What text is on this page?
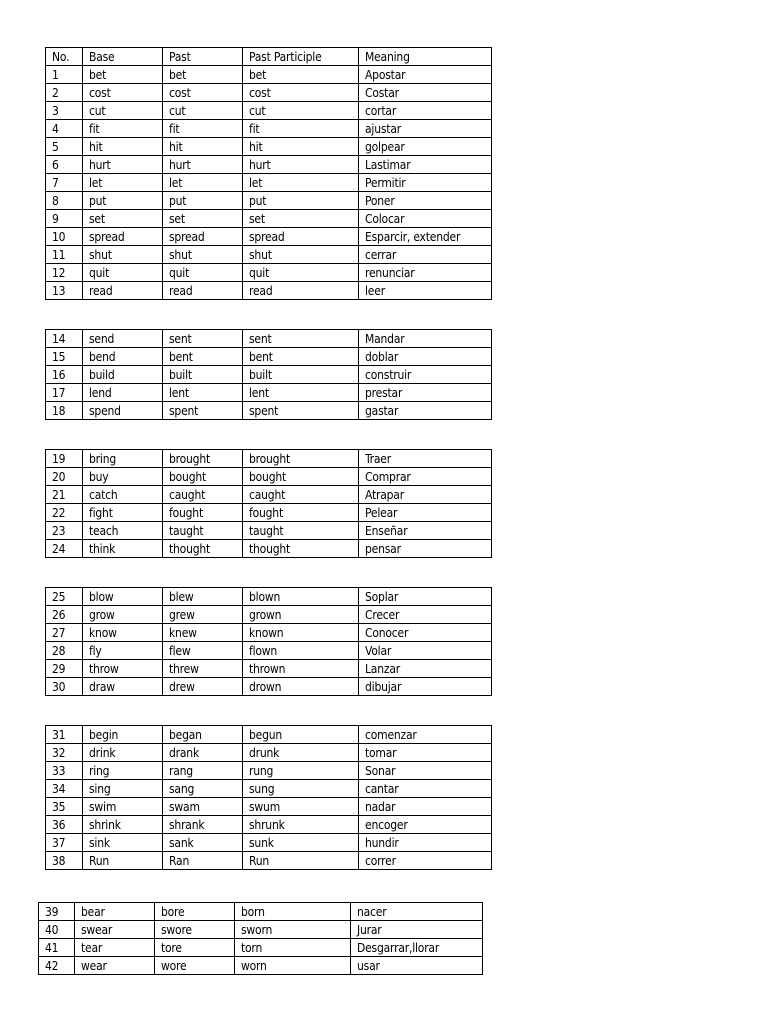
No.	Base	Past	Past Participle	Meaning
1	bet	bet	bet	Apostar
2	cost	cost	cost	Costar
3	cut	cut	cut	cortar
4	fit	fit	fit	ajustar
5	hit	hit	hit	golpear
6	hurt	hurt	hurt	Lastimar
7	let	let	let	Permitir
8	put	put	put	Poner
9	set	set	set	Colocar
10	spread	spread	spread	Esparcir, extender
11	shut	shut	shut	cerrar
12	quit	quit	quit	renunciar
13	read	read	read	leer
14	send	sent	sent	Mandar
15	bend	bent	bent	doblar
16	build	built	built	construir
17	lend	lent	lent	prestar
18	spend	spent	spent	gastar
19	bring	brought	brought	Traer
20	buy	bought	bought	Comprar
21	catch	caught	caught	Atrapar
22	fight	fought	fought	Pelear
23	teach	taught	taught	Enseñar
24	think	thought	thought	pensar
25	blow	blew	blown	Soplar
26	grow	grew	grown	Crecer
27	know	knew	known	Conocer
28	fly	flew	flown	Volar
29	throw	threw	thrown	Lanzar
30	draw	drew	drown	dibujar
31	begin	began	begun	comenzar
32	drink	drank	drunk	tomar
33	ring	rang	rung	Sonar
34	sing	sang	sung	cantar
35	swim	swam	swum	nadar
36	shrink	shrank	shrunk	encoger
37	sink	sank	sunk	hundir
38	Run	Ran	Run	correr
39	bear	bore	born	nacer
40	swear	swore	sworn	Jurar
41	tear	tore	torn	Desgarrar,llorar
42	wear	wore	worn	usar
